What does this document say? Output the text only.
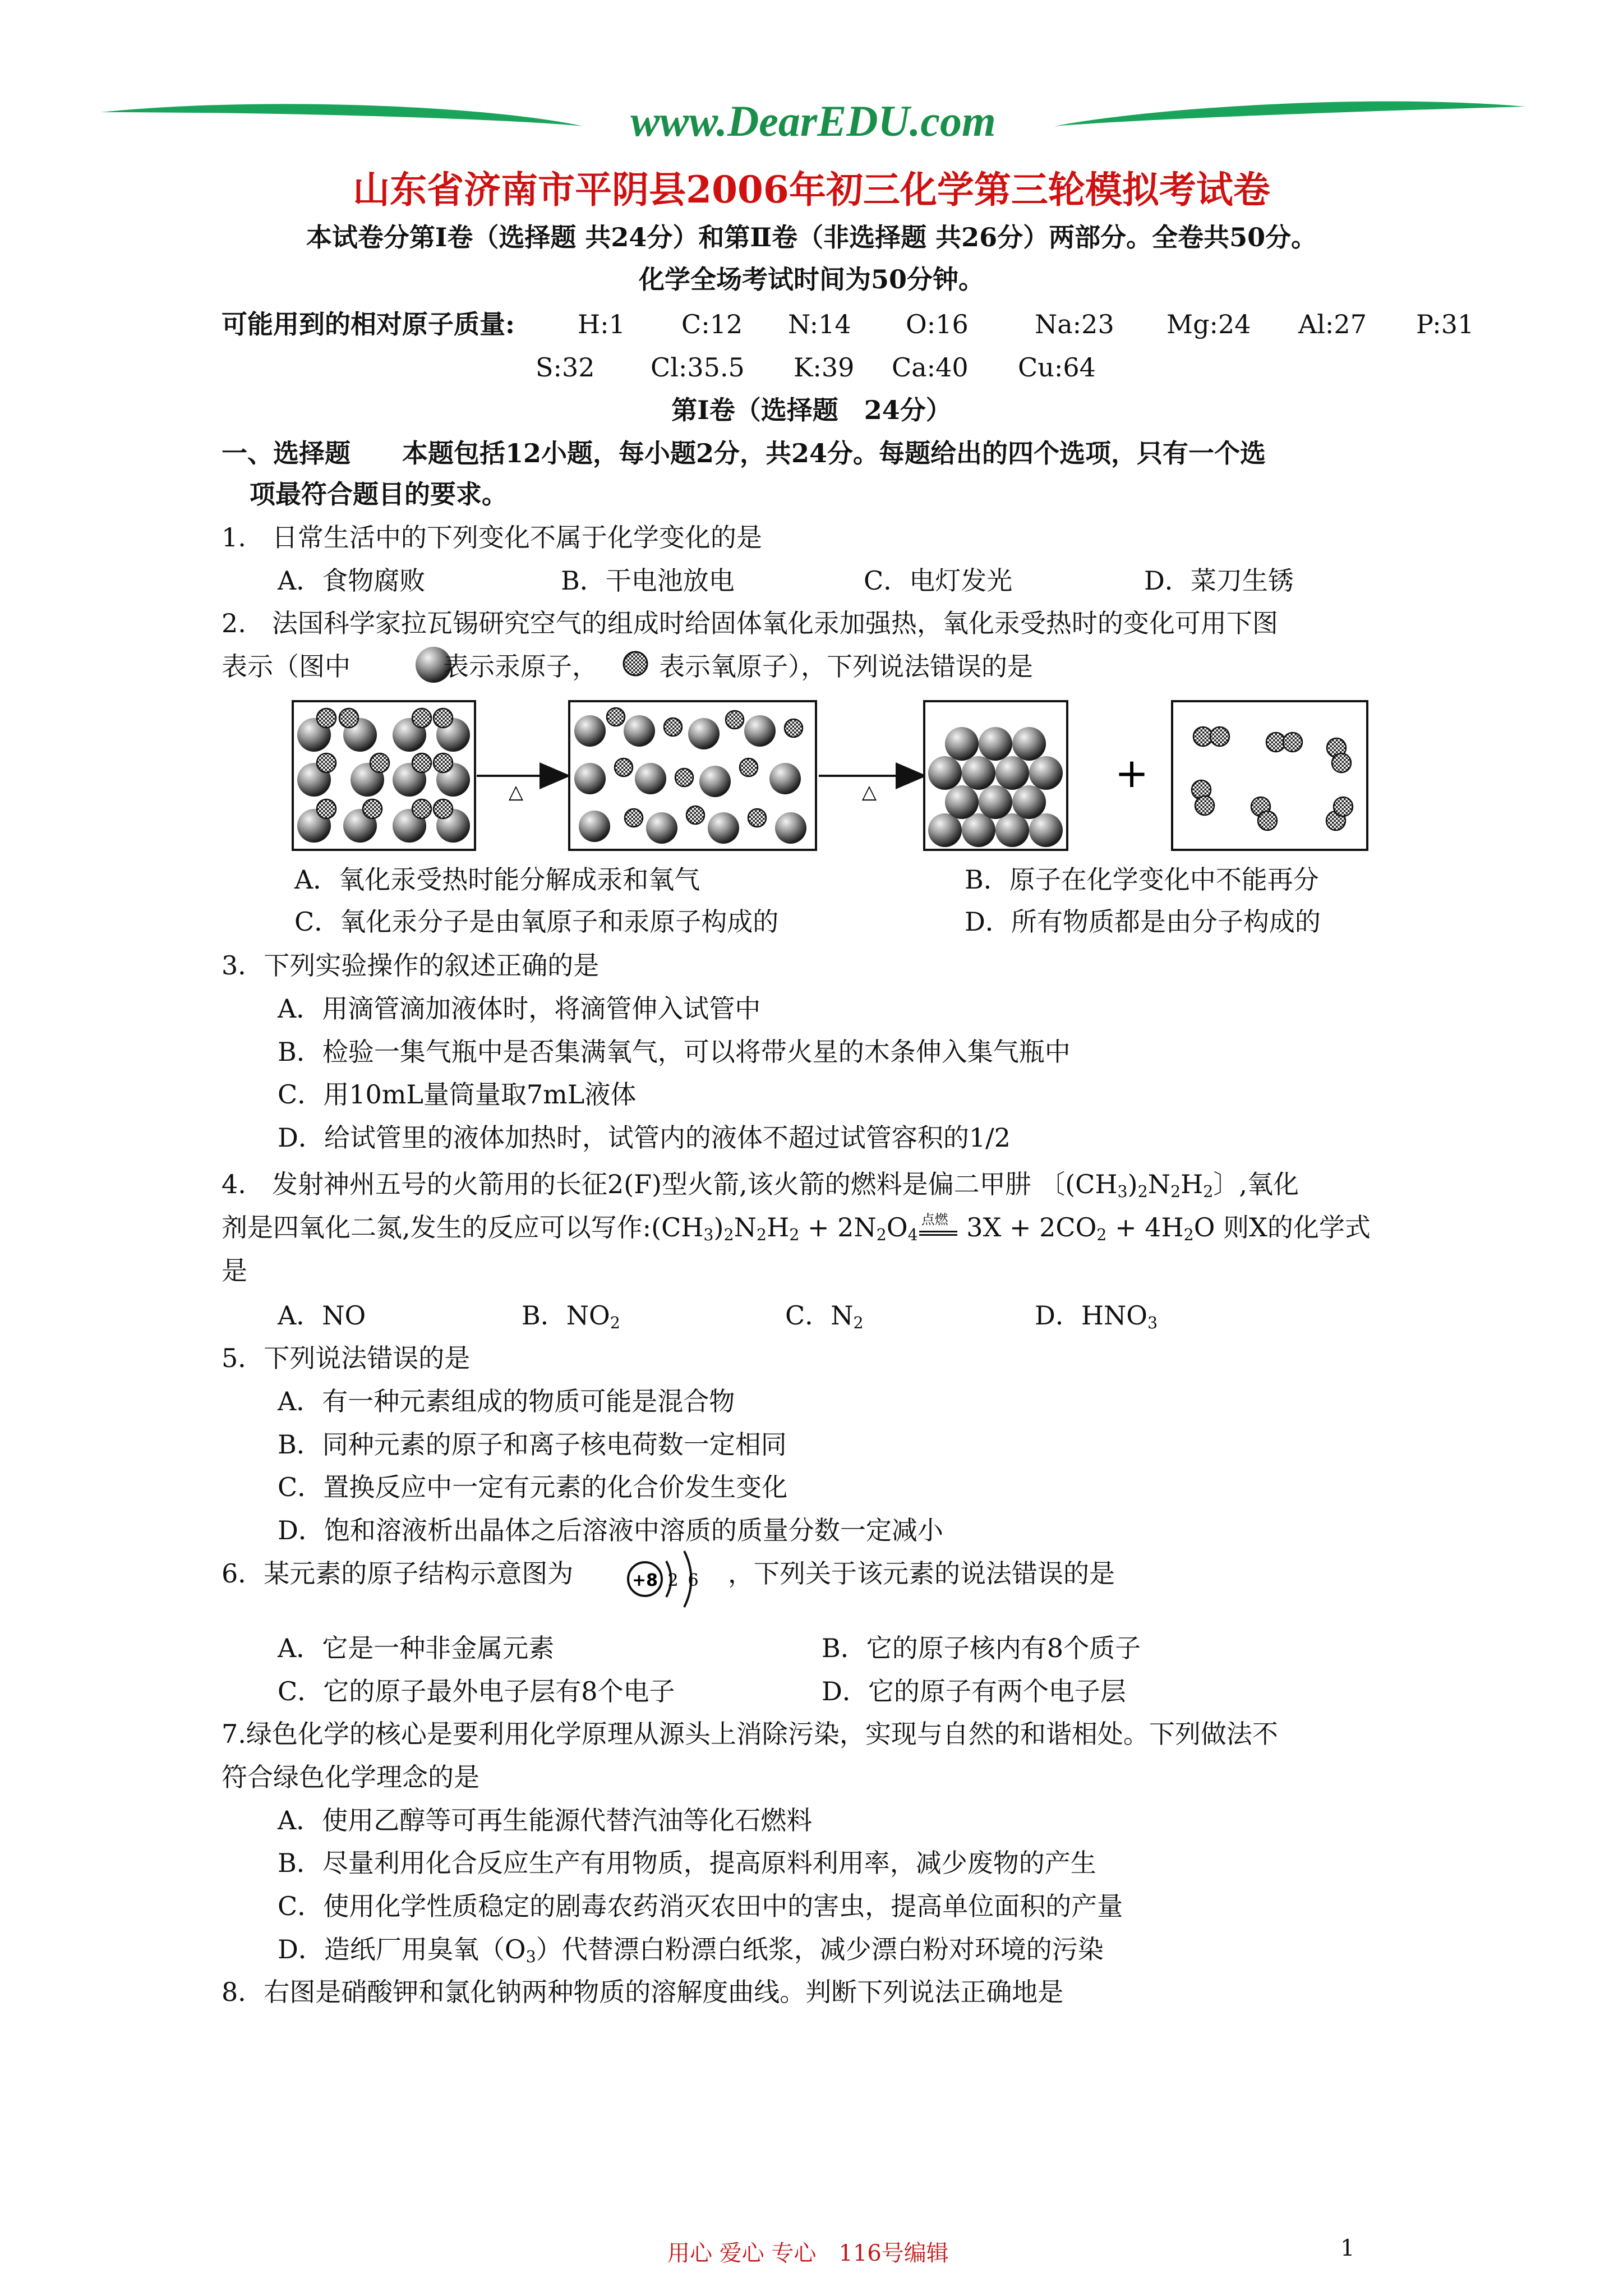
www.DearEDU.com
山东省济南市平阴县2006年初三化学第三轮模拟考试卷
本试卷分第Ⅰ卷（选择题 共24分）和第Ⅱ卷（非选择题 共26分）两部分。全卷共50分。
化学全场考试时间为50分钟。
可能用到的相对原子质量: H:1 C:12 N:14 O:16	Na:23 Mg:24 Al:27 P:31
S:32 Cl:35.5 K:39 Ca:40 Cu:64
第Ⅰ卷（选择题　24分）
一、选择题　　本题包括12小题，每小题2分，共24分。每题给出的四个选项，只有一个选
项最符合题目的要求。
1.　日常生活中的下列变化不属于化学变化的是
A．食物腐败	B．干电池放电	C．电灯发光	D．菜刀生锈
2.　法国科学家拉瓦锡研究空气的组成时给固体氧化汞加强热，氧化汞受热时的变化可用下图
表示（图中	表示汞原子， 表示氧原子），下列说法错误的是
△	△	+
A．氧化汞受热时能分解成汞和氧气	B．原子在化学变化中不能再分
C．氧化汞分子是由氧原子和汞原子构成的	D．所有物质都是由分子构成的
3．下列实验操作的叙述正确的是
A．用滴管滴加液体时，将滴管伸入试管中
B．检验一集气瓶中是否集满氧气，可以将带火星的木条伸入集气瓶中
C．用10mL量筒量取7mL液体
D．给试管里的液体加热时，试管内的液体不超过试管容积的1/2
4.　发射神州五号的火箭用的长征2(F)型火箭,该火箭的燃料是偏二甲肼 〔$(CH_3)_2N_2H_2$〕,氧化
剂是四氧化二氮,发生的反应可以写作$:(CH_3)_2N_2H_2 + 2N_2O_4$
点燃 $3X + 2CO_2 + 4H_2O$ 则X的化学式
是
A．NO	B．$NO_2$	C．$N_2$	D．$HNO_3$
5．下列说法错误的是
A．有一种元素组成的物质可能是混合物
B．同种元素的原子和离子核电荷数一定相同
C．置换反应中一定有元素的化合价发生变化
D．饱和溶液析出晶体之后溶液中溶质的质量分数一定减小
6．某元素的原子结构示意图为	+8 2 6 ，下列关于该元素的说法错误的是
A．它是一种非金属元素	B．它的原子核内有8个质子
C．它的原子最外电子层有8个电子	D．它的原子有两个电子层
7.绿色化学的核心是要利用化学原理从源头上消除污染，实现与自然的和谐相处。下列做法不
符合绿色化学理念的是
A．使用乙醇等可再生能源代替汽油等化石燃料
B．尽量利用化合反应生产有用物质，提高原料利用率，减少废物的产生
C．使用化学性质稳定的剧毒农药消灭农田中的害虫，提高单位面积的产量
D．造纸厂用臭氧$(O_3)$代替漂白粉漂白纸浆，减少漂白粉对环境的污染
8．右图是硝酸钾和氯化钠两种物质的溶解度曲线。判断下列说法正确地是
用心 爱心 专心　116号编辑	1
